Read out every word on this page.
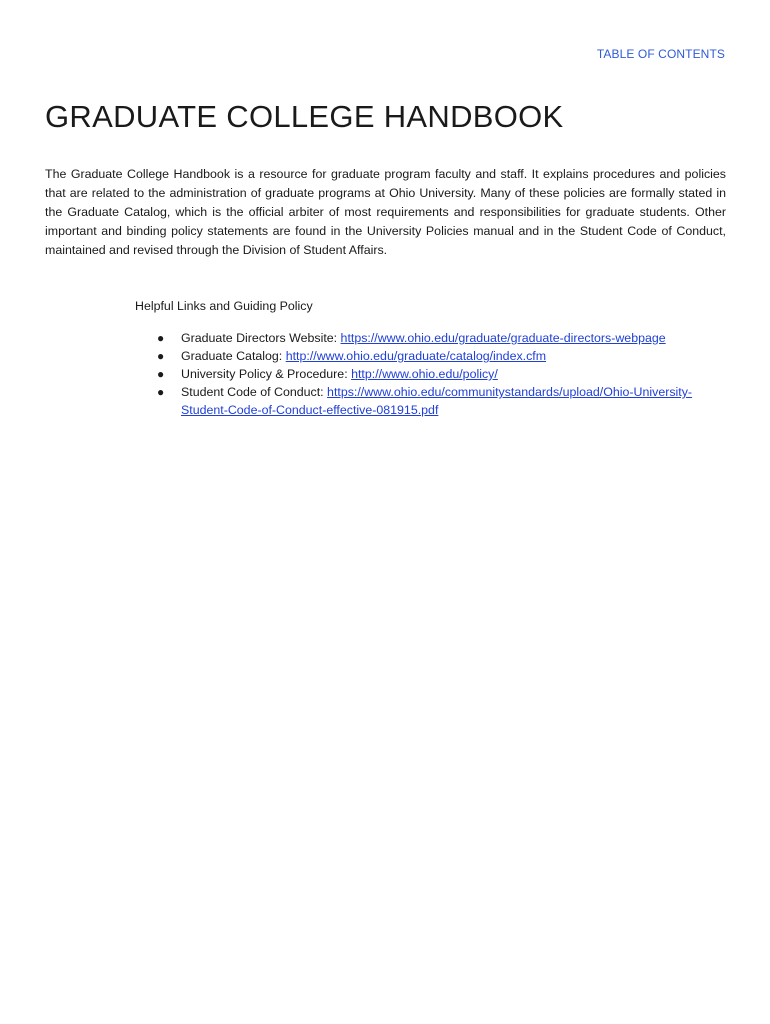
TABLE OF CONTENTS
GRADUATE COLLEGE HANDBOOK

The Graduate College Handbook is a resource for graduate program faculty and staff. It explains procedures and policies that are related to the administration of graduate programs at Ohio University. Many of these policies are formally stated in the Graduate Catalog, which is the official arbiter of most requirements and responsibilities for graduate students. Other important and binding policy statements are found in the University Policies manual and in the Student Code of Conduct, maintained and revised through the Division of Student Affairs.

Helpful Links and Guiding Policy

● Graduate Directors Website: https://www.ohio.edu/graduate/graduate-directors-webpage
● Graduate Catalog: http://www.ohio.edu/graduate/catalog/index.cfm
● University Policy & Procedure: http://www.ohio.edu/policy/
● Student Code of Conduct: https://www.ohio.edu/communitystandards/upload/Ohio-University-Student-Code-of-Conduct-effective-081915.pdf
